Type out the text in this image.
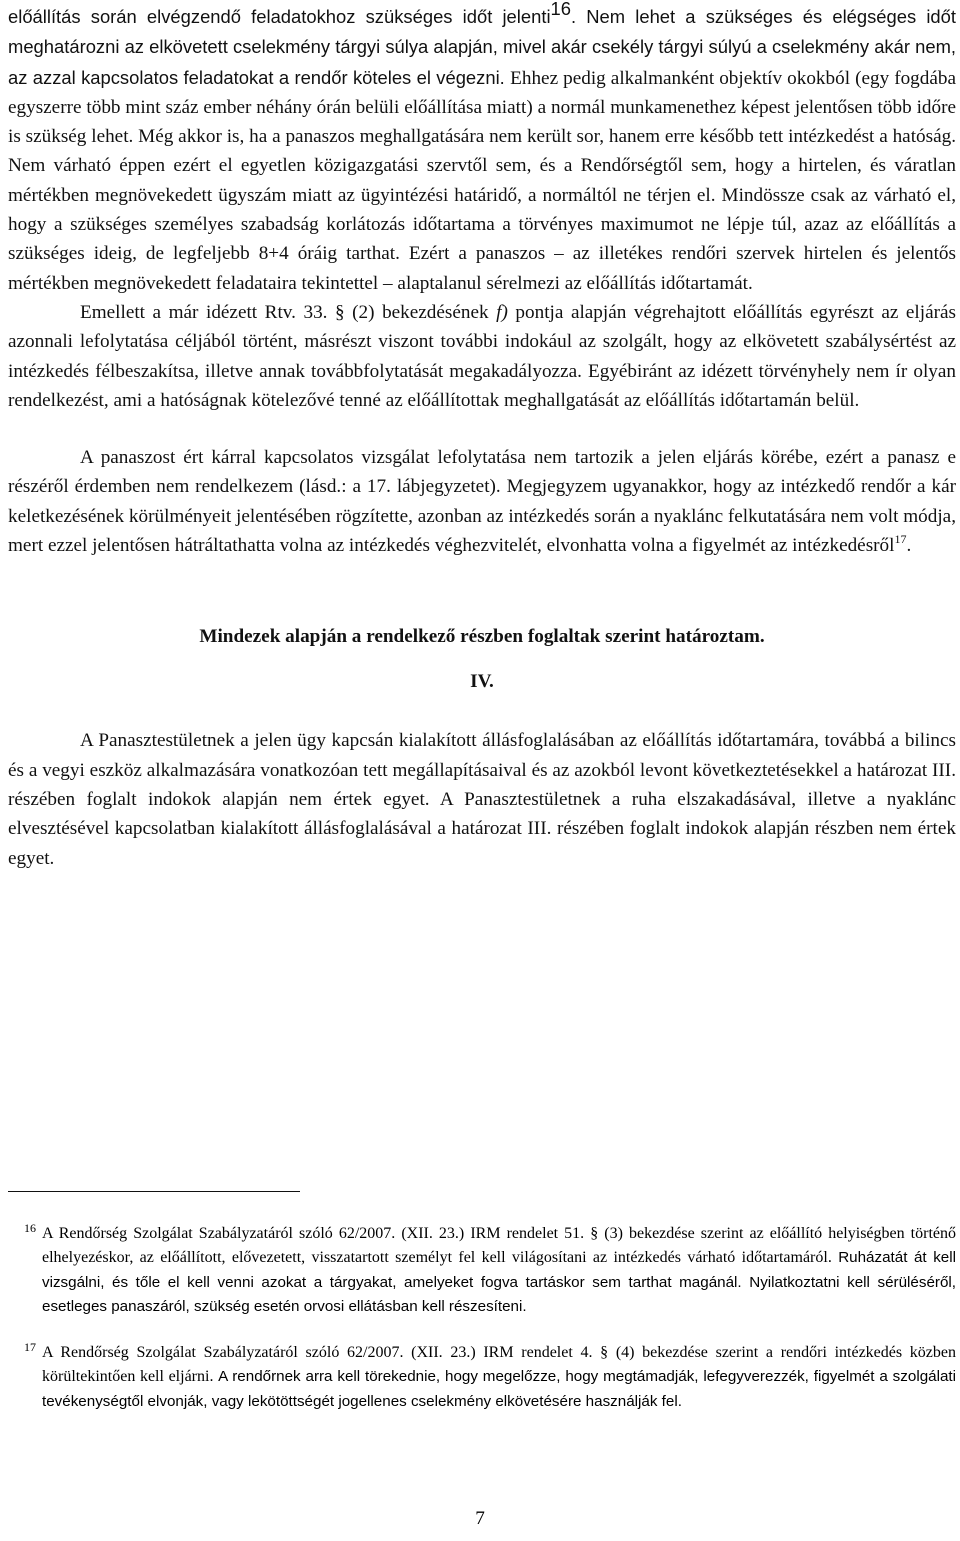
előállítás során elvégzendő feladatokhoz szükséges időt jelenti$^{16}$. Nem lehet a szükséges és elégséges időt meghatározni az elkövetett cselekmény tárgyi súlya alapján, mivel akár csekély tárgyi súlyú a cselekmény akár nem, az azzal kapcsolatos feladatokat a rendőr köteles el végezni. Ehhez pedig alkalmanként objektív okokból (egy fogdába egyszerre több mint száz ember néhány órán belüli előállítása miatt) a normál munkamenethez képest jelentősen több időre is szükség lehet. Még akkor is, ha a panaszos meghallgatására nem került sor, hanem erre később tett intézkedést a hatóság. Nem várható éppen ezért el egyetlen közigazgatási szervtől sem, és a Rendőrségtől sem, hogy a hirtelen, és váratlan mértékben megnövekedett ügyszám miatt az ügyintézési határidő, a normáltól ne térjen el. Mindössze csak az várható el, hogy a szükséges személyes szabadság korlátozás időtartama a törvényes maximumot ne lépje túl, azaz az előállítás a szükséges ideig, de legfeljebb 8+4 óráig tarthat. Ezért a panaszos – az illetékes rendőri szervek hirtelen és jelentős mértékben megnövekedett feladataira tekintettel – alaptalanul sérelmezi az előállítás időtartamát.

Emellett a már idézett Rtv. 33. § (2) bekezdésének f) pontja alapján végrehajtott előállítás egyrészt az eljárás azonnali lefolytatása céljából történt, másrészt viszont további indokául az szolgált, hogy az elkövetett szabálysértést az intézkedés félbeszakítsa, illetve annak továbbfolytatását megakadályozza. Egyébiránt az idézett törvényhely nem ír olyan rendelkezést, ami a hatóságnak kötelezővé tenné az előállítottak meghallgatását az előállítás időtartamán belül.

A panaszost ért kárral kapcsolatos vizsgálat lefolytatása nem tartozik a jelen eljárás körébe, ezért a panasz e részéről érdemben nem rendelkezem (lásd.: a 17. lábjegyzetet). Megjegyzem ugyanakkor, hogy az intézkedő rendőr a kár keletkezésének körülményeit jelentésében rögzítette, azonban az intézkedés során a nyaklánc felkutatására nem volt módja, mert ezzel jelentősen hátráltathatta volna az intézkedés véghezvitelét, elvonhatta volna a figyelmét az intézkedésről$^{17}$.

Mindezek alapján a rendelkező részben foglaltak szerint határoztam.

IV.

A Panasztestületnek a jelen ügy kapcsán kialakított állásfoglalásában az előállítás időtartamára, továbbá a bilincs és a vegyi eszköz alkalmazására vonatkozóan tett megállapításaival és az azokból levont következtetésekkel a határozat III. részében foglalt indokok alapján nem értek egyet. A Panasztestületnek a ruha elszakadásával, illetve a nyaklánc elvesztésével kapcsolatban kialakított állásfoglalásával a határozat III. részében foglalt indokok alapján részben nem értek egyet.

16 A Rendőrség Szolgálat Szabályzatáról szóló 62/2007. (XII. 23.) IRM rendelet 51. § (3) bekezdése szerint az előállító helyiségben történő elhelyezéskor, az előállított, elővezetett, visszatartott személyt fel kell világosítani az intézkedés várható időtartamáról. Ruházatát át kell vizsgálni, és tőle el kell venni azokat a tárgyakat, amelyeket fogva tartáskor sem tarthat magánál. Nyilatkoztatni kell sérüléséről, esetleges panaszáról, szükség esetén orvosi ellátásban kell részesíteni.

17 A Rendőrség Szolgálat Szabályzatáról szóló 62/2007. (XII. 23.) IRM rendelet 4. § (4) bekezdése szerint a rendőri intézkedés közben körültekintően kell eljárni. A rendőrnek arra kell törekednie, hogy megelőzze, hogy megtámadják, lefegyverezzék, figyelmét a szolgálati tevékenységtől elvonják, vagy lekötöttségét jogellenes cselekmény elkövetésére használják fel.

7
